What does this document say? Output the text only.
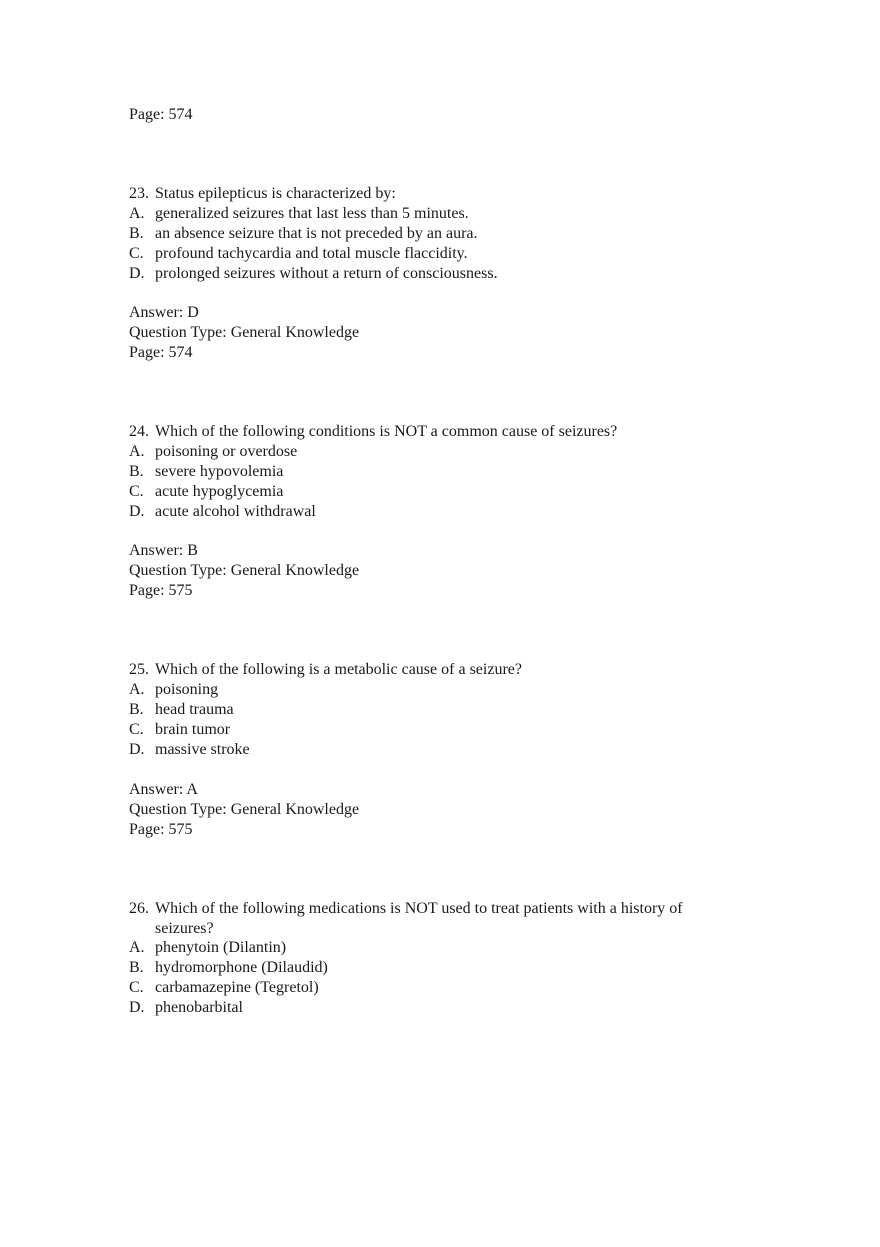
Page: 574
23. Status epilepticus is characterized by:
A. generalized seizures that last less than 5 minutes.
B. an absence seizure that is not preceded by an aura.
C. profound tachycardia and total muscle flaccidity.
D. prolonged seizures without a return of consciousness.
Answer: D
Question Type: General Knowledge
Page: 574
24. Which of the following conditions is NOT a common cause of seizures?
A. poisoning or overdose
B. severe hypovolemia
C. acute hypoglycemia
D. acute alcohol withdrawal
Answer: B
Question Type: General Knowledge
Page: 575
25. Which of the following is a metabolic cause of a seizure?
A. poisoning
B. head trauma
C. brain tumor
D. massive stroke
Answer: A
Question Type: General Knowledge
Page: 575
26. Which of the following medications is NOT used to treat patients with a history of
seizures?
A. phenytoin (Dilantin)
B. hydromorphone (Dilaudid)
C. carbamazepine (Tegretol)
D. phenobarbital
